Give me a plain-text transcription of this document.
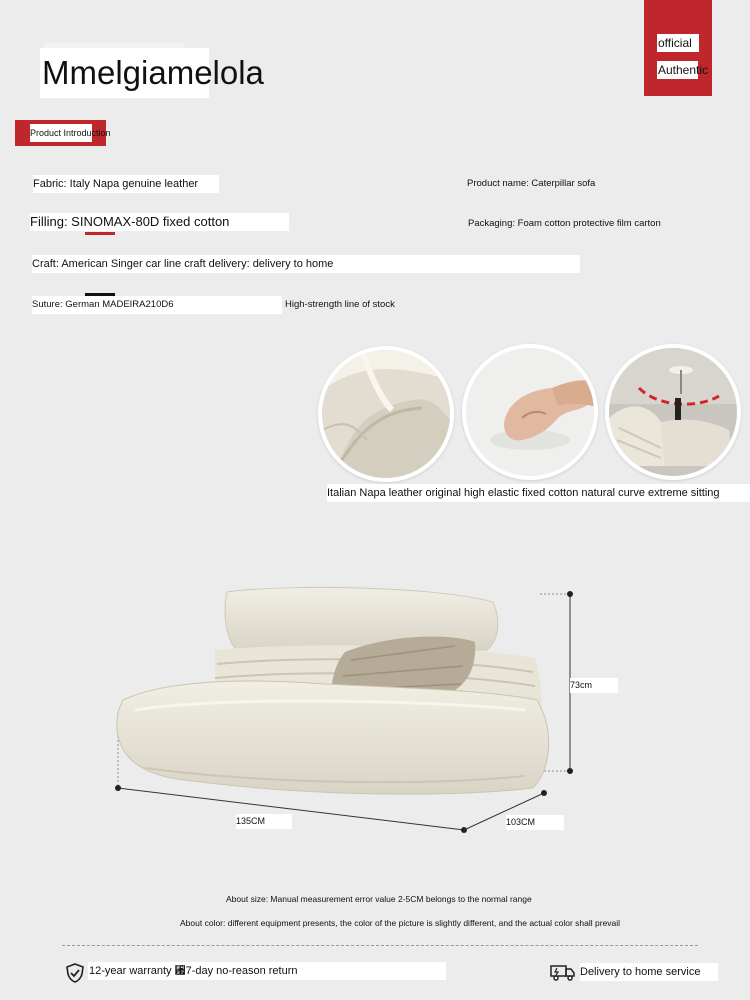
Mmelgiamelola
official
Authentic
Product Introduction
Fabric: Italy Napa genuine leather	Product name: Caterpillar sofa
Filling: SINOMAX-80D fixed cotton	Packaging: Foam cotton protective film carton
Craft: American Singer car line craft delivery: delivery to home
Suture: German MADEIRA210D6	High-strength line of stock
Italian Napa leather original high elastic fixed cotton natural curve extreme sitting
73cm
135CM	103CM
About size: Manual measurement error value 2-5CM belongs to the normal range
About color: different equipment presents, the color of the picture is slightly different, and the actual color shall prevail
12-year warranty ␷7-day no-reason return	Delivery to home service
